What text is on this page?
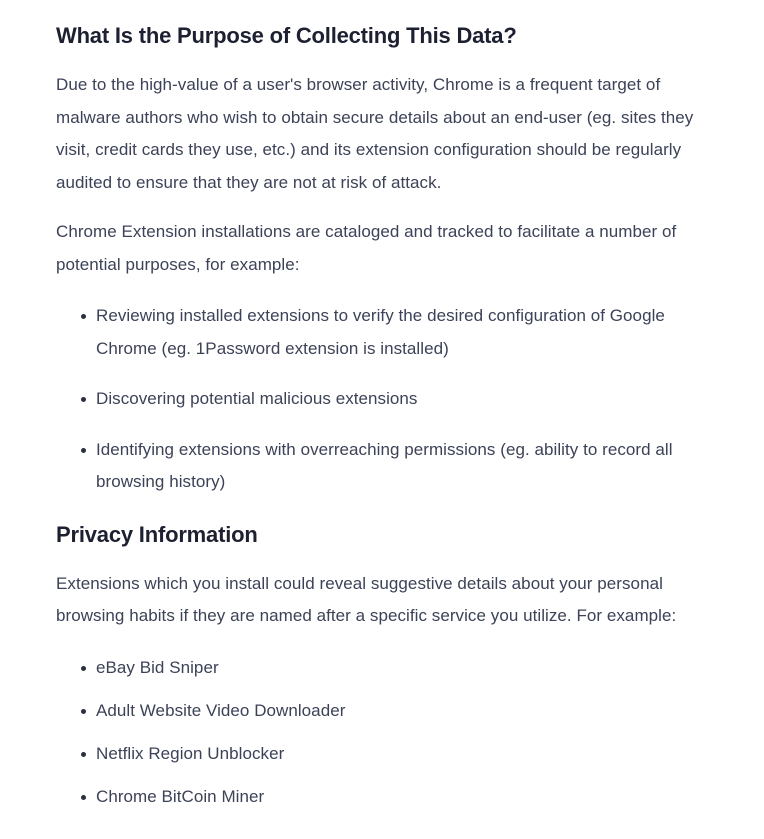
What Is the Purpose of Collecting This Data?

Due to the high-value of a user's browser activity, Chrome is a frequent target of malware authors who wish to obtain secure details about an end-user (eg. sites they visit, credit cards they use, etc.) and its extension configuration should be regularly audited to ensure that they are not at risk of attack.

Chrome Extension installations are cataloged and tracked to facilitate a number of potential purposes, for example:

Reviewing installed extensions to verify the desired configuration of Google Chrome (eg. 1Password extension is installed)
Discovering potential malicious extensions
Identifying extensions with overreaching permissions (eg. ability to record all browsing history)
Privacy Information

Extensions which you install could reveal suggestive details about your personal browsing habits if they are named after a specific service you utilize. For example:

eBay Bid Sniper
Adult Website Video Downloader
Netflix Region Unblocker
Chrome BitCoin Miner
